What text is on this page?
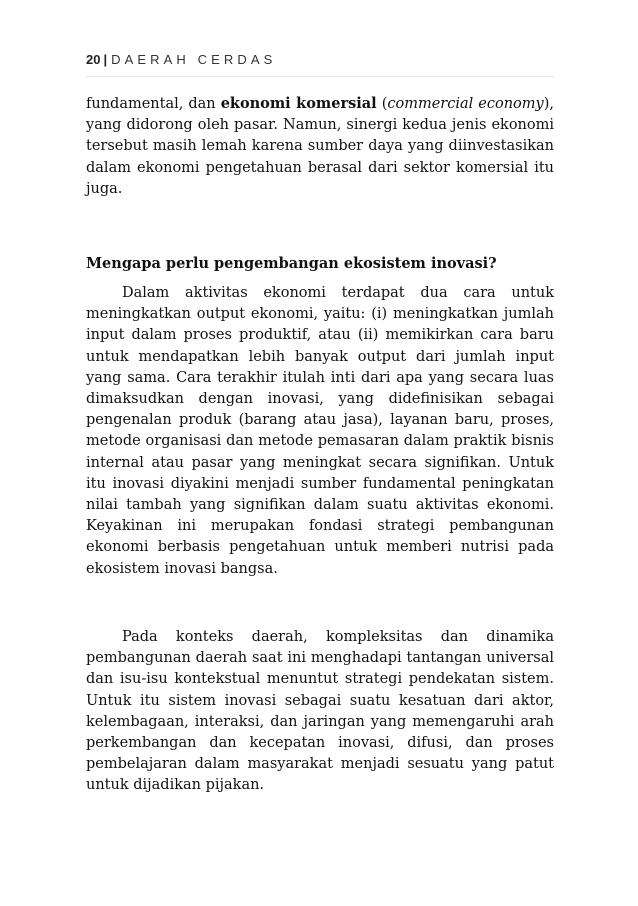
20 | DAERAH CERDAS

fundamental, dan ekonomi komersial (commercial economy), yang didorong oleh pasar. Namun, sinergi kedua jenis ekonomi tersebut masih lemah karena sumber daya yang diinvestasikan dalam ekonomi pengetahuan berasal dari sektor komersial itu juga.

Mengapa perlu pengembangan ekosistem inovasi?

Dalam aktivitas ekonomi terdapat dua cara untuk meningkatkan output ekonomi, yaitu: (i) meningkatkan jumlah input dalam proses produktif, atau (ii) memikirkan cara baru untuk mendapatkan lebih banyak output dari jumlah input yang sama. Cara terakhir itulah inti dari apa yang secara luas dimaksudkan dengan inovasi, yang didefinisikan sebagai pengenalan produk (barang atau jasa), layanan baru, proses, metode organisasi dan metode pemasaran dalam praktik bisnis internal atau pasar yang meningkat secara signifikan. Untuk itu inovasi diyakini menjadi sumber fundamental peningkatan nilai tambah yang signifikan dalam suatu aktivitas ekonomi. Keyakinan ini merupakan fondasi strategi pembangunan ekonomi berbasis pengetahuan untuk memberi nutrisi pada ekosistem inovasi bangsa.

Pada konteks daerah, kompleksitas dan dinamika pembangunan daerah saat ini menghadapi tantangan universal dan isu-isu kontekstual menuntut strategi pendekatan sistem. Untuk itu sistem inovasi sebagai suatu kesatuan dari aktor, kelembagaan, interaksi, dan jaringan yang memengaruhi arah perkembangan dan kecepatan inovasi, difusi, dan proses pembelajaran dalam masyarakat menjadi sesuatu yang patut untuk dijadikan pijakan.
